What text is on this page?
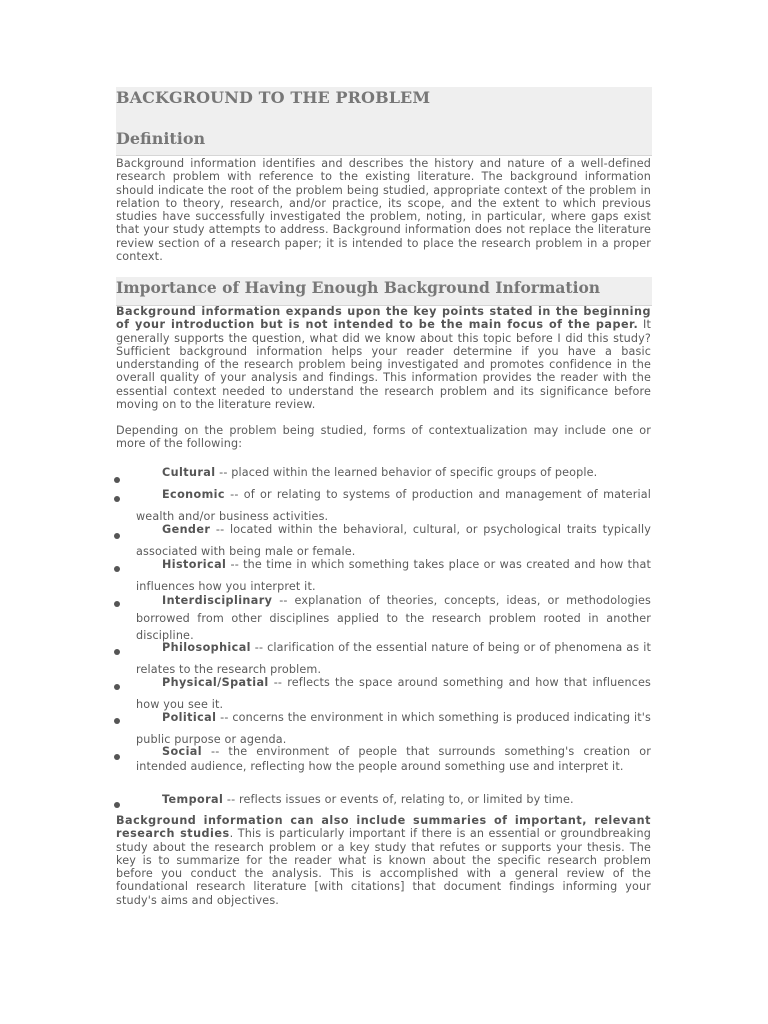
BACKGROUND TO THE PROBLEM
Definition
Background information identifies and describes the history and nature of a well-defined research problem with reference to the existing literature. The background information should indicate the root of the problem being studied, appropriate context of the problem in relation to theory, research, and/or practice, its scope, and the extent to which previous studies have successfully investigated the problem, noting, in particular, where gaps exist that your study attempts to address. Background information does not replace the literature review section of a research paper; it is intended to place the research problem in a proper context.
Importance of Having Enough Background Information
Background information expands upon the key points stated in the beginning of your introduction but is not intended to be the main focus of the paper. It generally supports the question, what did we know about this topic before I did this study? Sufficient background information helps your reader determine if you have a basic understanding of the research problem being investigated and promotes confidence in the overall quality of your analysis and findings. This information provides the reader with the essential context needed to understand the research problem and its significance before moving on to the literature review.
Depending on the problem being studied, forms of contextualization may include one or more of the following:
Cultural -- placed within the learned behavior of specific groups of people.
Economic -- of or relating to systems of production and management of material wealth and/or business activities.
Gender -- located within the behavioral, cultural, or psychological traits typically associated with being male or female.
Historical -- the time in which something takes place or was created and how that influences how you interpret it.
Interdisciplinary -- explanation of theories, concepts, ideas, or methodologies borrowed from other disciplines applied to the research problem rooted in another discipline.
Philosophical -- clarification of the essential nature of being or of phenomena as it relates to the research problem.
Physical/Spatial -- reflects the space around something and how that influences how you see it.
Political -- concerns the environment in which something is produced indicating it's public purpose or agenda.
Social -- the environment of people that surrounds something's creation or intended audience, reflecting how the people around something use and interpret it.
Temporal -- reflects issues or events of, relating to, or limited by time.
Background information can also include summaries of important, relevant research studies. This is particularly important if there is an essential or groundbreaking study about the research problem or a key study that refutes or supports your thesis. The key is to summarize for the reader what is known about the specific research problem before you conduct the analysis. This is accomplished with a general review of the foundational research literature [with citations] that document findings informing your study's aims and objectives.
